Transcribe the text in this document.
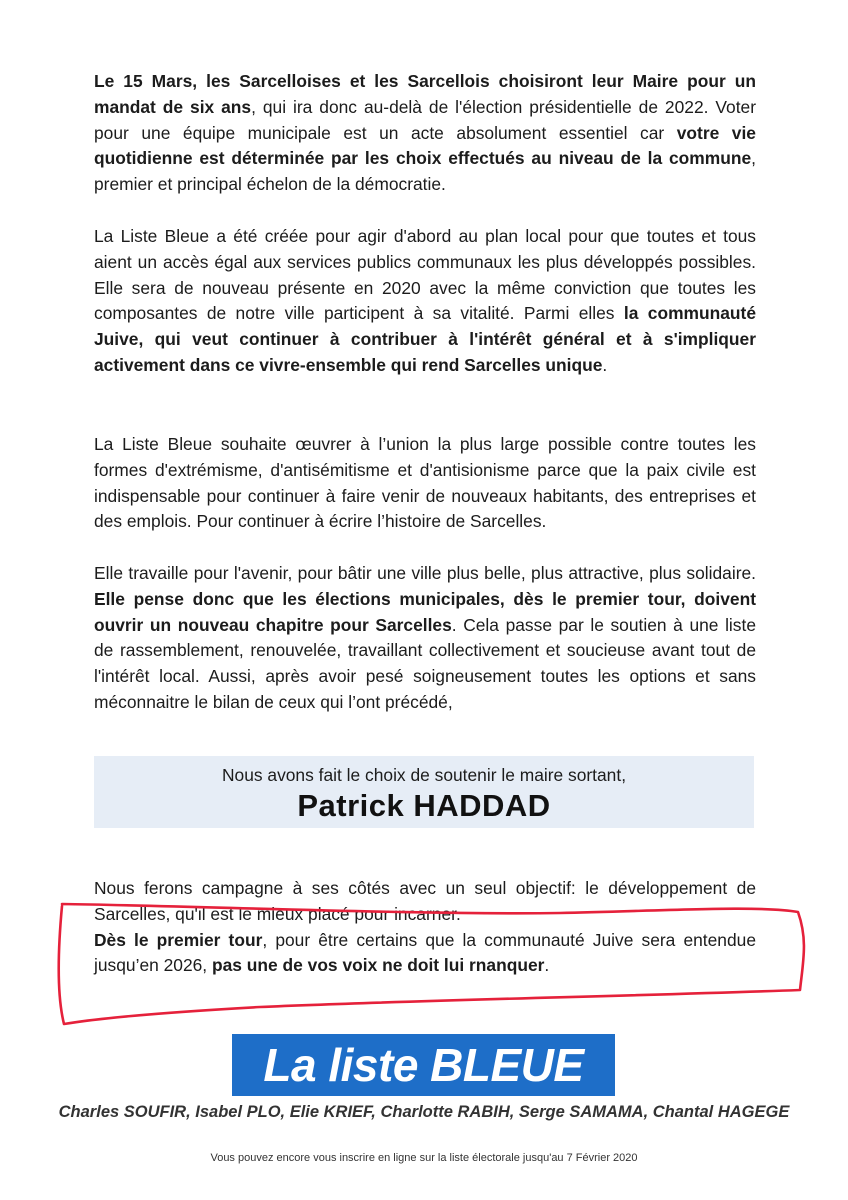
Le 15 Mars, les Sarcelloises et les Sarcellois choisiront leur Maire pour un mandat de six ans, qui ira donc au-delà de l'élection présidentielle de 2022. Voter pour une équipe municipale est un acte absolument essentiel car votre vie quotidienne est déterminée par les choix effectués au niveau de la commune, premier et principal échelon de la démocratie.

La Liste Bleue a été créée pour agir d'abord au plan local pour que toutes et tous aient un accès égal aux services publics communaux les plus développés possibles. Elle sera de nouveau présente en 2020 avec la même conviction que toutes les composantes de notre ville participent à sa vitalité. Parmi elles la communauté Juive, qui veut continuer à contribuer à l'intérêt général et à s'impliquer activement dans ce vivre-ensemble qui rend Sarcelles unique.

La Liste Bleue souhaite œuvrer à l’union la plus large possible contre toutes les formes d'extrémisme, d'antisémitisme et d'antisionisme parce que la paix civile est indispensable pour continuer à faire venir de nouveaux habitants, des entreprises et des emplois. Pour continuer à écrire l’histoire de Sarcelles.

Elle travaille pour l'avenir, pour bâtir une ville plus belle, plus attractive, plus solidaire. Elle pense donc que les élections municipales, dès le premier tour, doivent ouvrir un nouveau chapitre pour Sarcelles. Cela passe par le soutien à une liste de rassemblement, renouvelée, travaillant collectivement et soucieuse avant tout de l'intérêt local. Aussi, après avoir pesé soigneusement toutes les options et sans méconnaitre le bilan de ceux qui l’ont précédé,

Nous avons fait le choix de soutenir le maire sortant,
Patrick HADDAD

Nous ferons campagne à ses côtés avec un seul objectif: le développement de Sarcelles, qu'il est le mieux placé pour incarner.
Dès le premier tour, pour être certains que la communauté Juive sera entendue jusqu’en 2026, pas une de vos voix ne doit lui rnanquer.

La liste BLEUE
Charles SOUFIR, Isabel PLO, Elie KRIEF, Charlotte RABIH, Serge SAMAMA, Chantal HAGEGE
Vous pouvez encore vous inscrire en ligne sur la liste électorale jusqu'au 7 Février 2020
